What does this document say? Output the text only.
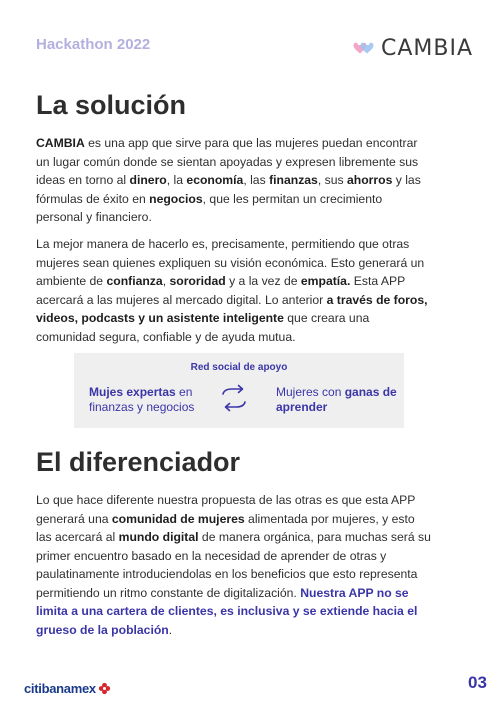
Hackathon 2022	CAMBIA
La solución

CAMBIA es una app que sirve para que las mujeres puedan encontrar un lugar común donde se sientan apoyadas y expresen libremente sus ideas en torno al dinero, la economía, las finanzas, sus ahorros y las fórmulas de éxito en negocios, que les permitan un crecimiento personal y financiero.

La mejor manera de hacerlo es, precisamente, permitiendo que otras mujeres sean quienes expliquen su visión económica. Esto generará un ambiente de confianza, sororidad y a la vez de empatía. Esta APP acercará a las mujeres al mercado digital. Lo anterior a través de foros, videos, podcasts y un asistente inteligente que creara una comunidad segura, confiable y de ayuda mutua.

Red social de apoyo
Mujes expertas en finanzas y negocios
Mujeres con ganas de aprender
El diferenciador

Lo que hace diferente nuestra propuesta de las otras es que esta APP generará una comunidad de mujeres alimentada por mujeres, y esto las acercará al mundo digital de manera orgánica, para muchas será su primer encuentro basado en la necesidad de aprender de otras y paulatinamente introduciendolas en los beneficios que esto representa permitiendo un ritmo constante de digitalización. Nuestra APP no se limita a una cartera de clientes, es inclusiva y se extiende hacia el grueso de la población.

citi banamex	03
